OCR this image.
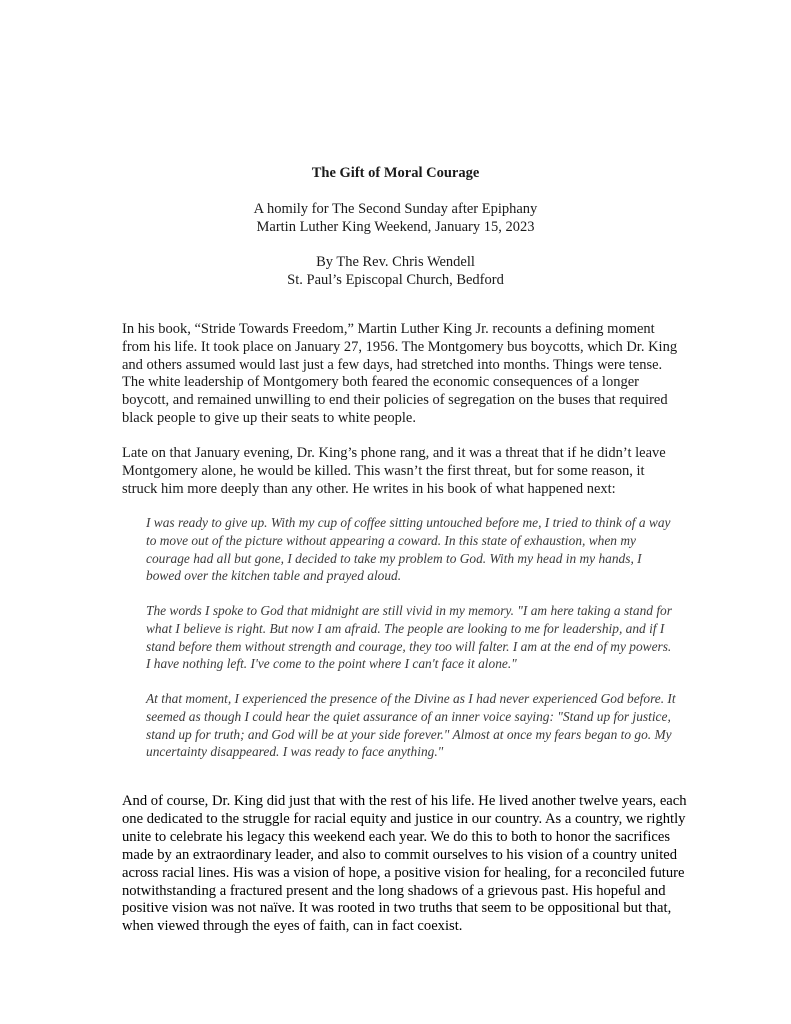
The Gift of Moral Courage
A homily for The Second Sunday after Epiphany
Martin Luther King Weekend, January 15, 2023
By The Rev. Chris Wendell
St. Paul’s Episcopal Church, Bedford

In his book, “Stride Towards Freedom,” Martin Luther King Jr. recounts a defining moment from his life. It took place on January 27, 1956. The Montgomery bus boycotts, which Dr. King and others assumed would last just a few days, had stretched into months. Things were tense. The white leadership of Montgomery both feared the economic consequences of a longer boycott, and remained unwilling to end their policies of segregation on the buses that required black people to give up their seats to white people.

Late on that January evening, Dr. King’s phone rang, and it was a threat that if he didn’t leave Montgomery alone, he would be killed. This wasn’t the first threat, but for some reason, it struck him more deeply than any other. He writes in his book of what happened next:

I was ready to give up. With my cup of coffee sitting untouched before me, I tried to think of a way to move out of the picture without appearing a coward. In this state of exhaustion, when my courage had all but gone, I decided to take my problem to God. With my head in my hands, I bowed over the kitchen table and prayed aloud.

The words I spoke to God that midnight are still vivid in my memory. "I am here taking a stand for what I believe is right. But now I am afraid. The people are looking to me for leadership, and if I stand before them without strength and courage, they too will falter. I am at the end of my powers. I have nothing left. I've come to the point where I can't face it alone."

At that moment, I experienced the presence of the Divine as I had never experienced God before. It seemed as though I could hear the quiet assurance of an inner voice saying: "Stand up for justice, stand up for truth; and God will be at your side forever." Almost at once my fears began to go. My uncertainty disappeared. I was ready to face anything."

And of course, Dr. King did just that with the rest of his life. He lived another twelve years, each one dedicated to the struggle for racial equity and justice in our country. As a country, we rightly unite to celebrate his legacy this weekend each year. We do this to both to honor the sacrifices made by an extraordinary leader, and also to commit ourselves to his vision of a country united across racial lines. His was a vision of hope, a positive vision for healing, for a reconciled future notwithstanding a fractured present and the long shadows of a grievous past. His hopeful and positive vision was not naïve. It was rooted in two truths that seem to be oppositional but that, when viewed through the eyes of faith, can in fact coexist.
